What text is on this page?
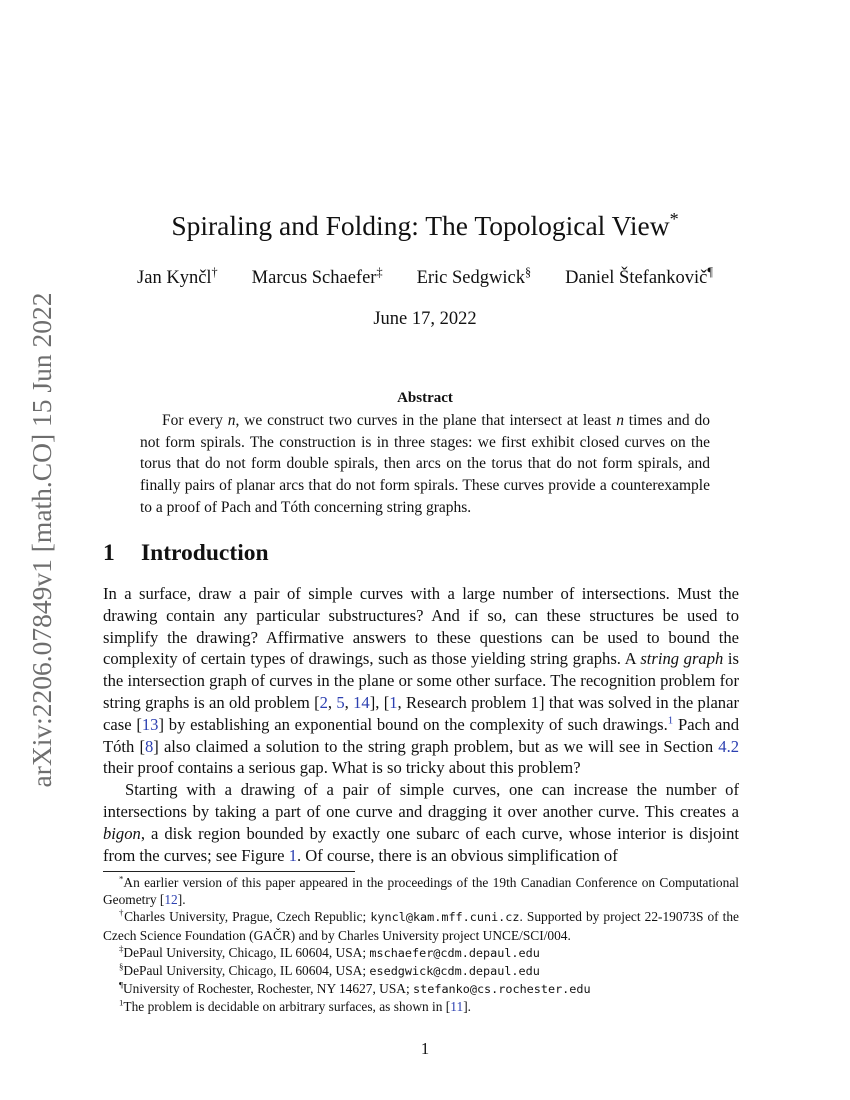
arXiv:2206.07849v1 [math.CO] 15 Jun 2022
Spiraling and Folding: The Topological View*
Jan Kynčl† Marcus Schaefer‡ Eric Sedgwick§ Daniel Štefankovič¶
June 17, 2022
Abstract

For every n, we construct two curves in the plane that intersect at least n times and do not form spirals. The construction is in three stages: we first exhibit closed curves on the torus that do not form double spirals, then arcs on the torus that do not form spirals, and finally pairs of planar arcs that do not form spirals. These curves provide a counterexample to a proof of Pach and Tóth concerning string graphs.

1 Introduction

In a surface, draw a pair of simple curves with a large number of intersections. Must the drawing contain any particular substructures? And if so, can these structures be used to simplify the drawing? Affirmative answers to these questions can be used to bound the complexity of certain types of drawings, such as those yielding string graphs. A string graph is the intersection graph of curves in the plane or some other surface. The recognition problem for string graphs is an old problem [2, 5, 14], [1, Research problem 1] that was solved in the planar case [13] by establishing an exponential bound on the complexity of such drawings.$^1$ Pach and Tóth [8] also claimed a solution to the string graph problem, but as we will see in Section 4.2 their proof contains a serious gap. What is so tricky about this problem?

Starting with a drawing of a pair of simple curves, one can increase the number of intersections by taking a part of one curve and dragging it over another curve. This creates a bigon, a disk region bounded by exactly one subarc of each curve, whose interior is disjoint from the curves; see Figure 1. Of course, there is an obvious simplification of

*An earlier version of this paper appeared in the proceedings of the 19th Canadian Conference on Computational Geometry [12].

†Charles University, Prague, Czech Republic; kyncl@kam.mff.cuni.cz. Supported by project 22-19073S of the Czech Science Foundation (GAČR) and by Charles University project UNCE/SCI/004.

‡DePaul University, Chicago, IL 60604, USA; mschaefer@cdm.depaul.edu

§DePaul University, Chicago, IL 60604, USA; esedgwick@cdm.depaul.edu

¶University of Rochester, Rochester, NY 14627, USA; stefanko@cs.rochester.edu

$^1$The problem is decidable on arbitrary surfaces, as shown in [11].

1
